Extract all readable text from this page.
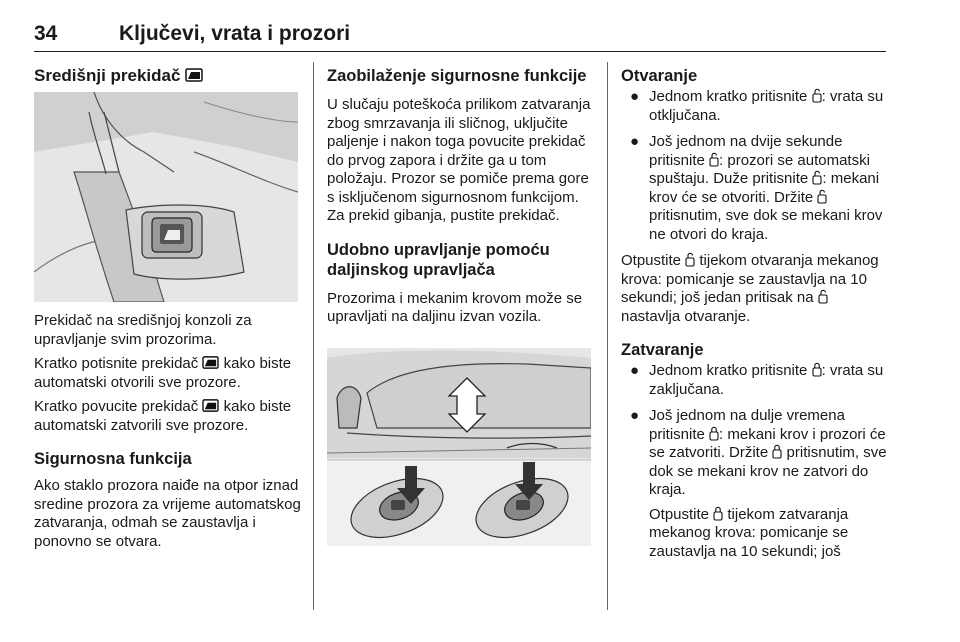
34	Ključevi, vrata i prozori
Središnji prekidač

Prekidač na središnjoj konzoli za upravljanje svim prozorima.

Kratko potisnite prekidač kako biste automatski otvorili sve prozore.

Kratko povucite prekidač kako biste automatski zatvorili sve prozore.

Sigurnosna funkcija

Ako staklo prozora naiđe na otpor iznad sredine prozora za vrijeme automatskog zatvaranja, odmah se zaustavlja i ponovno se otvara.

Zaobilaženje sigurnosne funkcije

U slučaju poteškoća prilikom zatvaranja zbog smrzavanja ili sličnog, uključite paljenje i nakon toga povucite prekidač do prvog zapora i držite ga u tom položaju. Prozor se pomiče prema gore s isključenom sigurnosnom funkcijom. Za prekid gibanja, pustite prekidač.

Udobno upravljanje pomoću daljinskog upravljača

Prozorima i mekanim krovom može se upravljati na daljinu izvan vozila.

Otvaranje
● Jednom kratko pritisnite : vrata su otključana.
● Još jednom na dvije sekunde pritisnite : prozori se automatski spuštaju. Duže pritisnite : mekani krov će se otvoriti. Držite  pritisnutim, sve dok se mekani krov ne otvori do kraja.

Otpustite tijekom otvaranja mekanog krova: pomicanje se zaustavlja na 10 sekundi; još jedan pritisak na  nastavlja otvaranje.

Zatvaranje
● Jednom kratko pritisnite : vrata su zaključana.
● Još jednom na dulje vremena pritisnite : mekani krov i prozori će se zatvoriti. Držite pritisnutim, sve dok se mekani krov ne zatvori do kraja.
Otpustite tijekom zatvaranja mekanog krova: pomicanje se zaustavlja na 10 sekundi; još
